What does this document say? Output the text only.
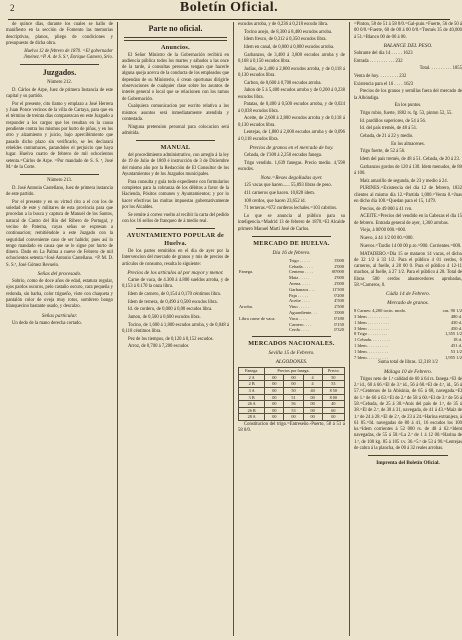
2	Boletín Oficial.

de quince días, durante los cuales se hallo de manifiesto en la sección de Fomento las memorias descriptivas, planos, pliego de condiciones y presupuesto de dicha obra.

Huelva 12 de febrero de 1870. =El gobernador Jiménez.=P. A. de S. S.ª, Enrique Gamero, Srio.

Juzgados.

Número 212.

D. Cárlos de Arpe, Juez de primera Instancia de este capital y su partido.

Por el presente, cito llamo y emplazo a José Herrera y Juan Ponce vecinos de la villa de Cartaya, para que en el término de treinta dias comparezcan en este Juzgado a responder a los cargos que les resultan en la causa pendiente contra los mismos por hurto de piñas, y en los otro y alzamiento y juicio, bajo apercibimiento que pasado dicho plazo sin verificarlo, se les declarará rebeldes contumaces, parandoles el perjuicio que haya lugar. Huelva cuatro de febrero de mil ochocientos setenta.=Cárlos de Arpe. =Por mandado de S. S. ª, José M.ª de la Corte.

Número 213.

D. José Antonio Castellano, Juez de primera instancia de este partido.

Por el presente y en su virtud cito a el con los de soledad de este y militares de esta provincia para que procedan a la busca y captura de Manuel de los Santos, natural de Castro del Río del Ribero de Portugal, y vecino de Paterna, cuyas señas se expresan a continuacion; remitiéndole a este Juzgado con la seguridad conveniente caso de ser habido; pues así lo tengo mandado en causa que se le sigue por hurto de dinero. Dado en La Palma a nueve de Febrero de mil ochocientos setenta.=José Antonio Castellano. =P. M. D. S. S.ª, José Gómez Revuelo.

Señas del procesado.

Sobrio, como de doce años de edad, estatura regular, ojos pardos oscuros, pelo castaño oscuro, cara pequeña y redonda, sin barba, color trigueño, viste con chaqueta y pantalón color de oveja muy rotos, sombrero hongo blanquecino bastante usado, y descalzo.

Señas particular.

Un dedo de la mano derecha cortado.

Parte no oficial.
Anuncios.

El Señor Ministro de la Gobernación recibirá en audiencia pública todos los martes y sábados a las once de la tarde, á consultas personas tengan que hacerle alguna queja acerca de la conducta de los empleados que dependan de su Ministerio, ó crean oportunas dirigirle observaciones de cualquier clase sobre los asuntos de interés general o local que se relacionen con los ramos de Gobernación.

Cualquiera comunicacion por escrito relativa a los mismos asuntos será inmediatamente atendida y contestada.

Ninguna pretension personal para colocacion será admitida.

MANUAL

del procedimiento administrativo, con arreglo á la ley de 19 de Julio de 1869 é instrucción de 3 de Diciembre del mismo año por la Redacción de El Consultor de los Ayuntamientos y de los Juzgados municipales.

Para consulta y guía todo expediente con formularios completos para la cobranza de los débitos a favor de la Hacienda, Pósitos comunes y Ayuntamientos; y por lo hacer efectivas las multas impuestas gubernativamente por los Alcaldes.

Se remite á correo vuelto al recibir la carta del pedido con los 16 sellos de franqueo de á medio real.

AYUNTAMIENTO POPULAR de Huelva.

De los partes remitidos en el dia de ayer por la Intervencion del mercado de granos y mis de precios de artículos de consumo, resulta lo siguiente:

Precios de los artículos al por mayor y menor.

Carne de vaca, de 4.300 á 4.800 sueldos arroba, y de 0,153 á 0.170 la onza libra.

Idem de carnero, de 0,154 á 0,170 céntimos libra.

Idem de ternera, de 0,490 á 0,500 escudos libra.

Id. de cordero, de 0,000 á 0,00 escudos libra.

Jamon, de 0,500 á 0,600 escudos libra.

Tocino, de 1,600 á 1,800 escudos arroba, y de 0,048 á 0,118 céntimos libra.

Pez de los tiempos, de 0,120 á 0,152 escudos.

Arroz, de 0,700 á 7,200 escudos

escudos arroba, y de 0,236 á 0,218 escudo libra.

Tocino anejo, de 8,300 á 8,400 escudos arroba.

Idem fresco, de 0,312 á 0,350 escudos libra.

Idem en canal, de 0,000 á 0,000 escudos arroba.

Garbanzos, de 3,400 á 3,800 escudos arroba y de 0,168 á 0,150 escudos libra.

Judías, de 2,400 á 2,800 escudos arroba, y de 0,118 á 0,130 escudos libra.

Carbon, de 0,600 á 0,700 escudos arroba.

Jabon de 5 á 5,400 escudos arroba y de 0,200 á 0,238 escudos libra.

Patatas, de 0,400 á 0,500 escudos arroba, y de 0,024 á 0,038 escudos libra.

Aceite, de 2,600 á 2,800 escudos arroba y de 0,118 á 0,130 escudos libra.

Lentejas, de 1,800 á 2,000 escudos arroba y de 0,096 á 0,118 escudos libra.

Precios de granos en el mercado de hoy.

Cebada, de 1'300 á 2,250 escudos fanega.

Trigo vendido. 1,639 fanegas. Precio medio. 4,'598 escudos.

Nota.=Reses degolladas ayer.

125 vacas que hacen...... 55,893 libras de peso.

411 carneros que hacen. 10,828 ídem.

100 cerdos, que hacen 23,652 id.

71 terneras.=672 corderos lechales.=103 cabritos.

Lo que se anuncia al público para su inteligencia.=Madrid 13 de febrero de 1870.=El Alcalde primero Manuel Martí José de Carlos.

MERCADO DE HUELVA.
Día 16 de febrero.
	Trigo . . . . .	3'000
	Cebada. . . . .	2'000
Fanega.	Centeno . . . .	00'000
	Maiz . . . . .	2'000
	Avena. . . . .	2'000
	Garbanzos . . .	11'500
	Paja . . . . .	0'200
	Aceite . . . .	4'500
Arroba.	Vino . . . . .	2'500
	Aguardiente. . .	3'000
Libra carne de vaca.	Vaca . . . .	0'180
	Carnero. . . .	0'150
	Cerdo . . . .	0'320
MERCADOS NACIONALES.
Sevilla 15 de Febrero.
ALGODONES.
Fanega.	Precios por fanega.			Precio
2 A	00	00	4	50
2 B	00	00	4	53
3 A	00	50	40	8 50
3 B	00	51	00	8 00
26 A	00	56	00	40
26 B	00	53	00	60
28 A	00	00	00	00

Constitucion del trigo.=Entreseño.-Puerto, 58 á 51 á 58 0/0.

=Pinton, 58 de 51 á 58 0/0.=Gal-puin.=Fuerte, 56 de 50 á 00 0/0.=Fuerte, 60 de 00 á 00 0/0.=Tremés 35 de 40,000 á 51.=Blanco 00 de 00 á 00.

BALANCE DEL PESO.

Sobrante del dia 14 . . . . . 1623

Entrada . . . . . . . . . . . 232

Total. . . . . . . . . . 1855

Venta de hoy. . . . . . . . . 232

Existencia para el 16 . . . . 1623

Precios de los granos y semillas fuera del mercado de la Alhóndiga.

En los puntos.

Trigo rubio, fuerte, 1882 rs. fg. 53, pinton 52, 55.

Id. pardillos superiores, de 54 á 56.

Id. del país tremés, de 48 á 51.

Cebada, de 21 á 22 y medio.

En los almacenes.

Trigo fuerte, de 52 á 56.

Idem del país tremés, de 48 á 51. Cebada, de 20 á 23.

Garbanzos gordos de 120 á 130. Idem menudos, de 80 á 100.

Maíz amarillo de segunda, de 23 y medio á 24.

PURINES.=Existencia del día 12 de febrero, 1832 clientes al mismo día 12.=Partida 1,000.=Venta 0.=Jnas en dicho día 100.=Quedan para el 15, 1479.

Precios, de 49 000 á 41 rvn.

ACEITE.=Precios del vendido en la Cabezas el día 15 de febrero. Entrada general de ayer, 1,360 arrobas.

Viejo, á 00'00 000.=000.

Nuevo, á 44 1/2 00 00.=000.

Nuevos.=Tardio 14 00 00 p.ro.=900. Corrientes.=000.

MATADERO.=Día 15 se mataron 14 vacas, el dicho de 32 1/2 á 33 1/2. Para el público 4 01 cerdos, 6 carneros, al fuelle, á 28 00 0. Para el público 4 12-11 machos, al fuelle, á 27 1/2. Para el público á 28. Total de libras 500 cerdos abastecedores aprobadas, 58.=Carneros, 0.

Cádiz 14 de Febrero.
Mercado de granos.
8 Carnes: 4,200 tocin. modo.	cas. 90 1/2
3 Idem . . . . . . . . . .	480 d.
1 Idem . . . . . . . . . .	430 d.
3 Idem . . . . . . . . . .	450 d.
8 Trigo . . . . . . . . .	1,355 1/2
1 Cebada. . . . . . . . .	18 d.
1 Idem. . . . . . . . . .	451 d.
1 Idem. . . . . . . . . .	53 1/2
7 Idem. . . . . . . . . .	1,955 1/2

Suma total de libras. 12,318 1/2

Málaga 10 de Febrero.

Trigos neto de 1.ª calidad de 60 á 64 rs. fanega.=El de 2.ª id., 60 á 66.=El de 3.ª id., 56 á 60.=El de 4.ª, id., 56 á 57.=Centenos de la Abisinia, de 65 á 68, navegada.=El de 1.ª de 60 á 63.=El de 2.ª de 58 á 60.=El de 3.ª de 56 á 58.=Cebada, de 25 á 30.=Anis del país de 1.ª, de 35 á 38.=El de 2.ª, de 30 á 31, navegada, de 41 á 43.=Maíz de 1.ª de 24 á 28.=El de 2.ª, de 23 á 24.=Harina extranjera, á 61 85.=Id. navegadas de 80 á 41, 16 escudos los 100 ks.=Idem corrientes á 52 000 rs. de 48 á 62.=Idem navegadas, de 55 á 58.=La 2.ª de 1 á 12 00.=Harina de 1.ª, de 100 kg. 85 á 105 r.v. 36.=5.ª de 53 á 90.=Lentejas de cabra á la plancha, de 00 á 32 reales arrobas.

Imprenta del Boletín Oficial.
